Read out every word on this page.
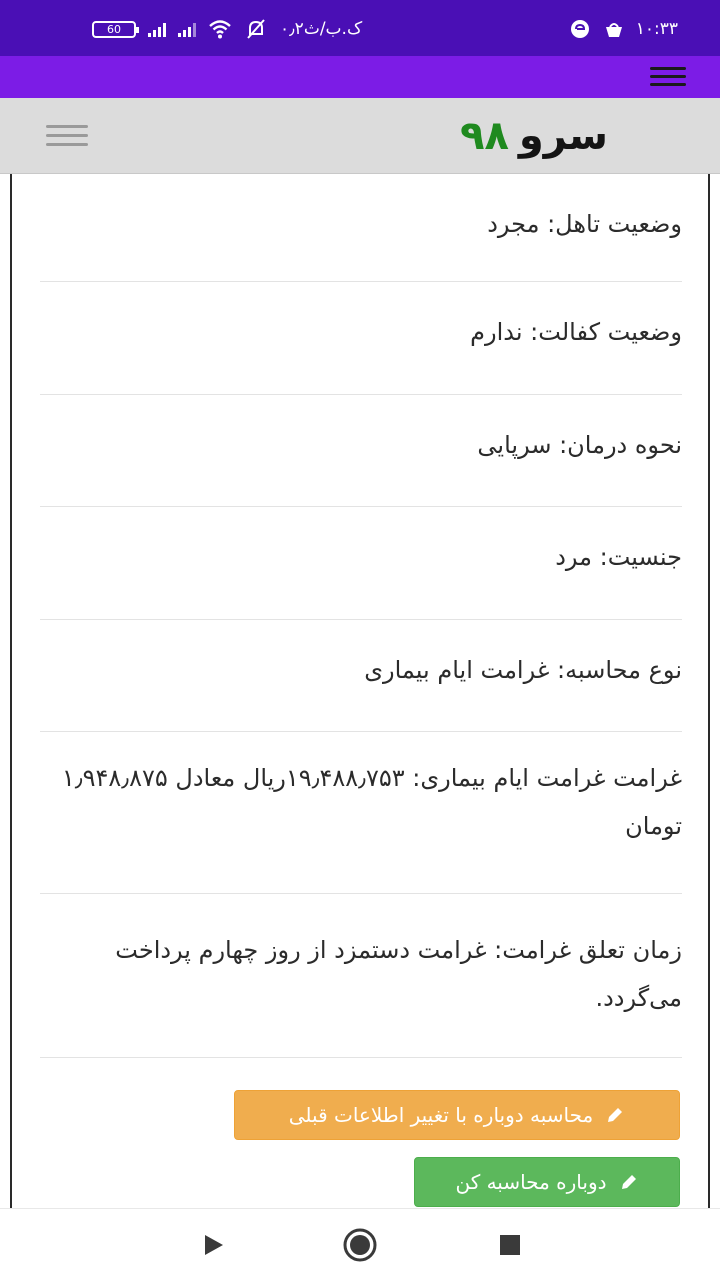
60	۰٫۲ک.ب/ث	۱۰:۳۳
سرو۹۸
وضعیت تاهل: مجرد
وضعیت کفالت: ندارم
نحوه درمان: سرپایی
جنسیت: مرد
نوع محاسبه: غرامت ایام بیماری
غرامت غرامت ایام بیماری: ۱۹٫۴۸۸٫۷۵۳ریال معادل ۱٫۹۴۸٫۸۷۵ تومان
زمان تعلق غرامت: غرامت دستمزد از روز چهارم پرداخت می‌گردد.
محاسبه دوباره با تغییر اطلاعات قبلی
دوباره محاسبه کن
